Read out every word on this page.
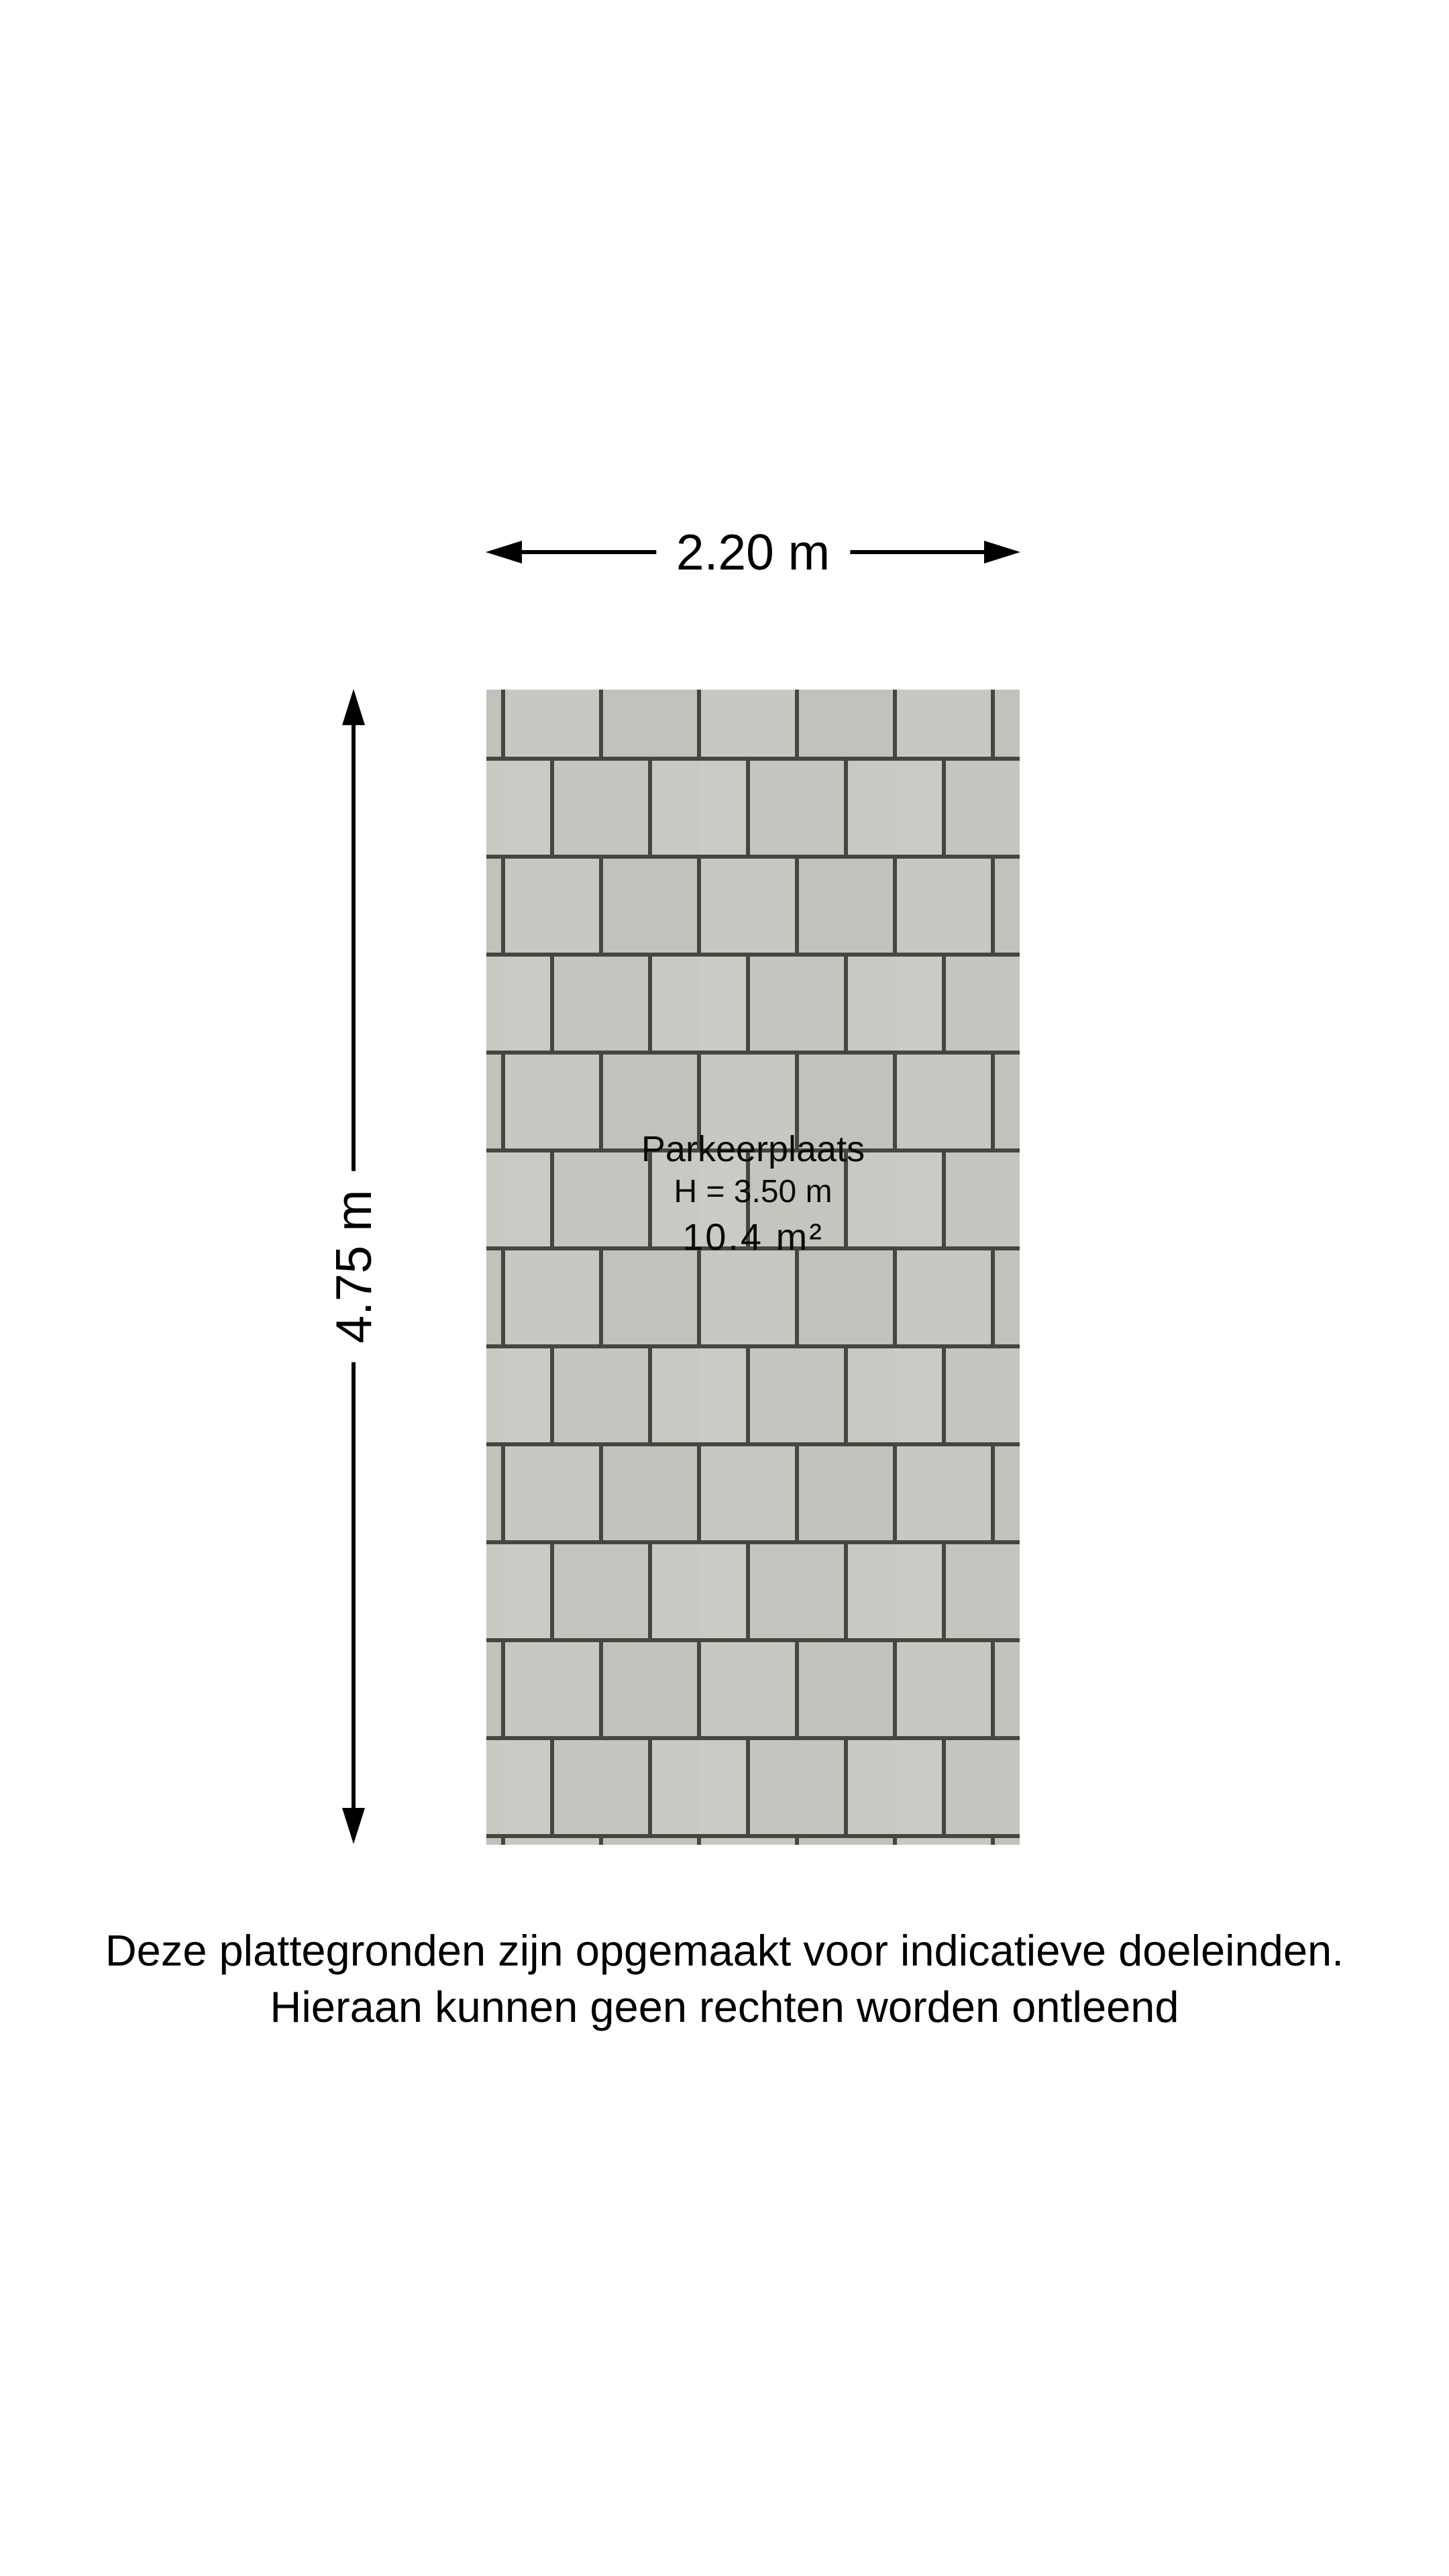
2.20 m
4.75 m
Parkeerplaats
H = 3.50 m
10.4 m²
Deze plattegronden zijn opgemaakt voor indicatieve doeleinden.
Hieraan kunnen geen rechten worden ontleend
